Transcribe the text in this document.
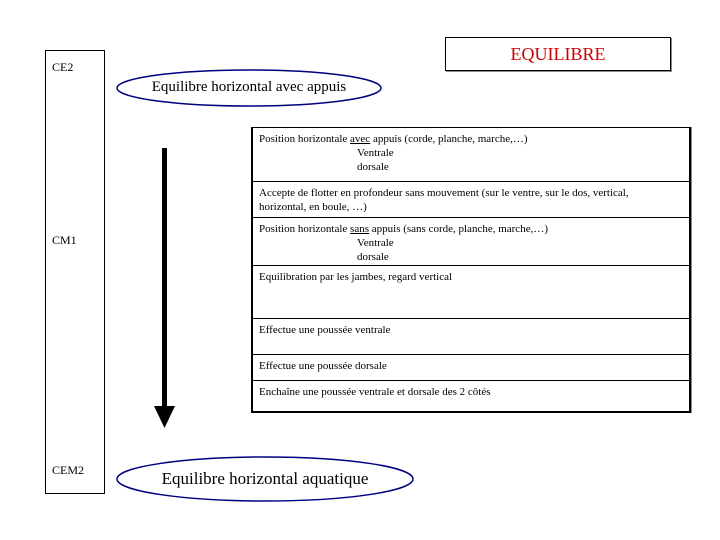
CE2
CM1
CEM2
EQUILIBRE
Equilibre horizontal avec appuis
Equilibre horizontal aquatique
Position horizontale avec appuis (corde, planche, marche,…)
Ventrale
dorsale
Accepte de flotter en profondeur sans mouvement (sur le ventre, sur le dos, vertical,
horizontal, en boule, …)
Position horizontale sans appuis (sans corde, planche, marche,…)
Ventrale
dorsale
Equilibration par les jambes, regard vertical
Effectue une poussée ventrale
Effectue une poussée dorsale
Enchaîne une poussée ventrale et dorsale des 2 côtés
